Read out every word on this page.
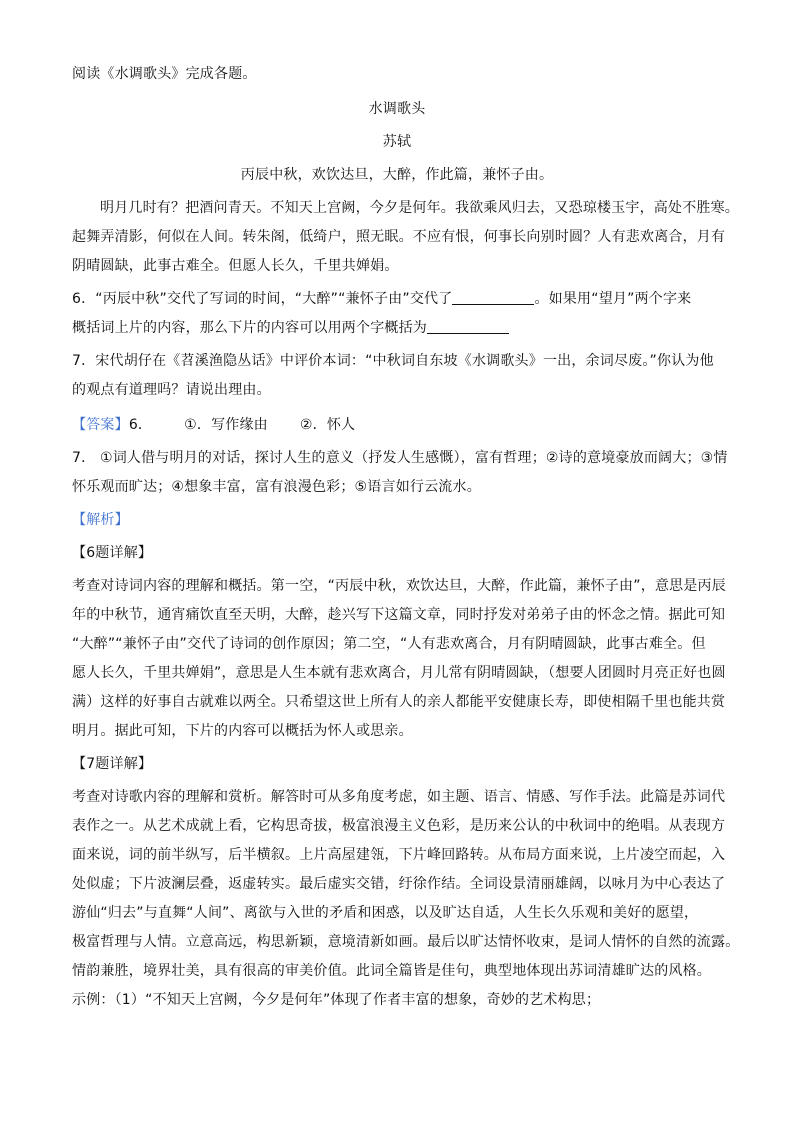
阅读《水调歌头》完成各题。
水调歌头
苏轼
丙辰中秋，欢饮达旦，大醉，作此篇，兼怀子由。
明月几时有？把酒问青天。不知天上宫阙，今夕是何年。我欲乘风归去，又恐琼楼玉宇，高处不胜寒。
起舞弄清影，何似在人间。转朱阁，低绮户，照无眠。不应有恨，何事长向别时圆？人有悲欢离合，月有
阴晴圆缺，此事古难全。但愿人长久，千里共婵娟。
6．“丙辰中秋”交代了写词的时间，“大醉”“兼怀子由”交代了	。如果用“望月”两个字来
概括词上片的内容，那么下片的内容可以用两个字概括为
7．宋代胡仔在《苕溪渔隐丛话》中评价本词：“中秋词自东坡《水调歌头》一出，余词尽废。”你认为他
的观点有道理吗？请说出理由。
【答案】6． ①．写作缘由 ②．怀人
7． ①词人借与明月的对话，探讨人生的意义（抒发人生感慨），富有哲理；②诗的意境豪放而阔大；③情
怀乐观而旷达；④想象丰富，富有浪漫色彩；⑤语言如行云流水。
【解析】
【6题详解】
考查对诗词内容的理解和概括。第一空，“丙辰中秋，欢饮达旦，大醉，作此篇，兼怀子由”，意思是丙辰
年的中秋节，通宵痛饮直至天明，大醉，趁兴写下这篇文章，同时抒发对弟弟子由的怀念之情。据此可知
“大醉”“兼怀子由”交代了诗词的创作原因；第二空，“人有悲欢离合，月有阴晴圆缺，此事古难全。但
愿人长久，千里共婵娟”，意思是人生本就有悲欢离合，月儿常有阴晴圆缺，（想要人团圆时月亮正好也圆
满）这样的好事自古就难以两全。只希望这世上所有人的亲人都能平安健康长寿，即使相隔千里也能共赏
明月。据此可知，下片的内容可以概括为怀人或思亲。
【7题详解】
考查对诗歌内容的理解和赏析。解答时可从多角度考虑，如主题、语言、情感、写作手法。此篇是苏词代
表作之一。从艺术成就上看，它构思奇拔，极富浪漫主义色彩，是历来公认的中秋词中的绝唱。从表现方
面来说，词的前半纵写，后半横叙。上片高屋建瓴，下片峰回路转。从布局方面来说，上片凌空而起，入
处似虚；下片波澜层叠，返虚转实。最后虚实交错，纡徐作结。全词设景清丽雄阔，以咏月为中心表达了
游仙“归去”与直舞“人间”、离欲与入世的矛盾和困惑，以及旷达自适，人生长久乐观和美好的愿望，
极富哲理与人情。立意高远，构思新颖，意境清新如画。最后以旷达情怀收束，是词人情怀的自然的流露。
情韵兼胜，境界壮美，具有很高的审美价值。此词全篇皆是佳句，典型地体现出苏词清雄旷达的风格。
示例：（1）“不知天上宫阙，今夕是何年”体现了作者丰富的想象，奇妙的艺术构思；
